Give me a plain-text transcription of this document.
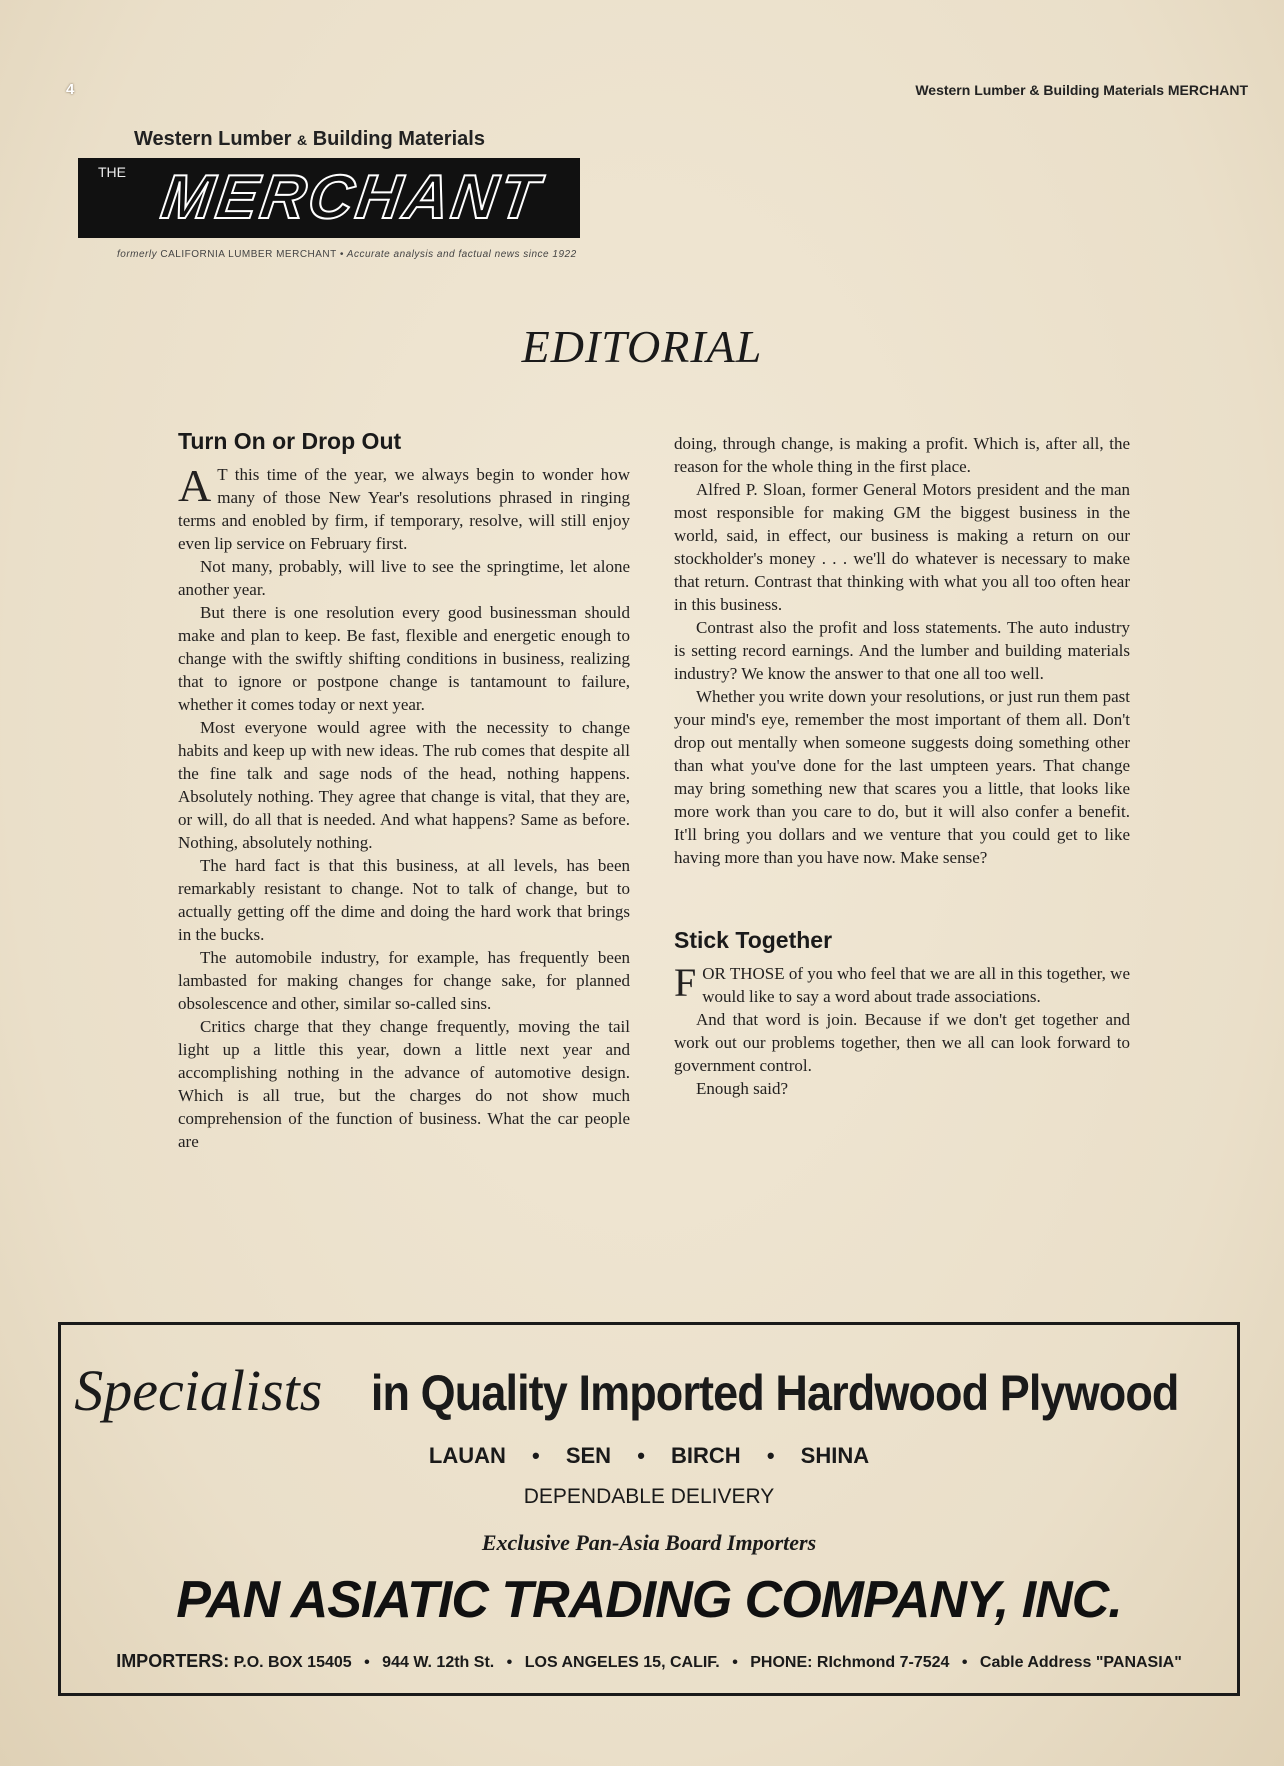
4	Western Lumber & Building Materials MERCHANT
Western Lumber & Building Materials
THE MERCHANT
formerly CALIFORNIA LUMBER MERCHANT • Accurate analysis and factual news since 1922
EDITORIAL
Turn On or Drop Out

A T this time of the year, we always begin to wonder how many of those New Year's resolutions phrased in ringing terms and enobled by firm, if temporary, resolve, will still enjoy even lip service on February first.

Not many, probably, will live to see the springtime, let alone another year.

But there is one resolution every good businessman should make and plan to keep. Be fast, flexible and energetic enough to change with the swiftly shifting conditions in business, realizing that to ignore or postpone change is tantamount to failure, whether it comes today or next year.

Most everyone would agree with the necessity to change habits and keep up with new ideas. The rub comes that despite all the fine talk and sage nods of the head, nothing happens. Absolutely nothing. They agree that change is vital, that they are, or will, do all that is needed. And what happens? Same as before. Nothing, absolutely nothing.

The hard fact is that this business, at all levels, has been remarkably resistant to change. Not to talk of change, but to actually getting off the dime and doing the hard work that brings in the bucks.

The automobile industry, for example, has frequently been lambasted for making changes for change sake, for planned obsolescence and other, similar so-called sins.

Critics charge that they change frequently, moving the tail light up a little this year, down a little next year and accomplishing nothing in the advance of automotive design. Which is all true, but the charges do not show much comprehension of the function of business. What the car people are

doing, through change, is making a profit. Which is, after all, the reason for the whole thing in the first place.

Alfred P. Sloan, former General Motors president and the man most responsible for making GM the biggest business in the world, said, in effect, our business is making a return on our stockholder's money . . . we'll do whatever is necessary to make that return. Contrast that thinking with what you all too often hear in this business.

Contrast also the profit and loss statements. The auto industry is setting record earnings. And the lumber and building materials industry? We know the answer to that one all too well.

Whether you write down your resolutions, or just run them past your mind's eye, remember the most important of them all. Don't drop out mentally when someone suggests doing something other than what you've done for the last umpteen years. That change may bring something new that scares you a little, that looks like more work than you care to do, but it will also confer a benefit. It'll bring you dollars and we venture that you could get to like having more than you have now. Make sense?

Stick Together

FOR THOSE of you who feel that we are all in this together, we would like to say a word about trade associations.

And that word is join. Because if we don't get together and work out our problems together, then we all can look forward to government control.

Enough said?

Specialists in Quality Imported Hardwood Plywood
LAUAN • SEN • BIRCH • SHINA
DEPENDABLE DELIVERY
Exclusive Pan-Asia Board Importers
PAN ASIATIC TRADING COMPANY, INC.
IMPORTERS: P.O. BOX 15405 • 944 W. 12th St. • LOS ANGELES 15, CALIF. • PHONE: RIchmond 7-7524 • Cable Address "PANASIA"
